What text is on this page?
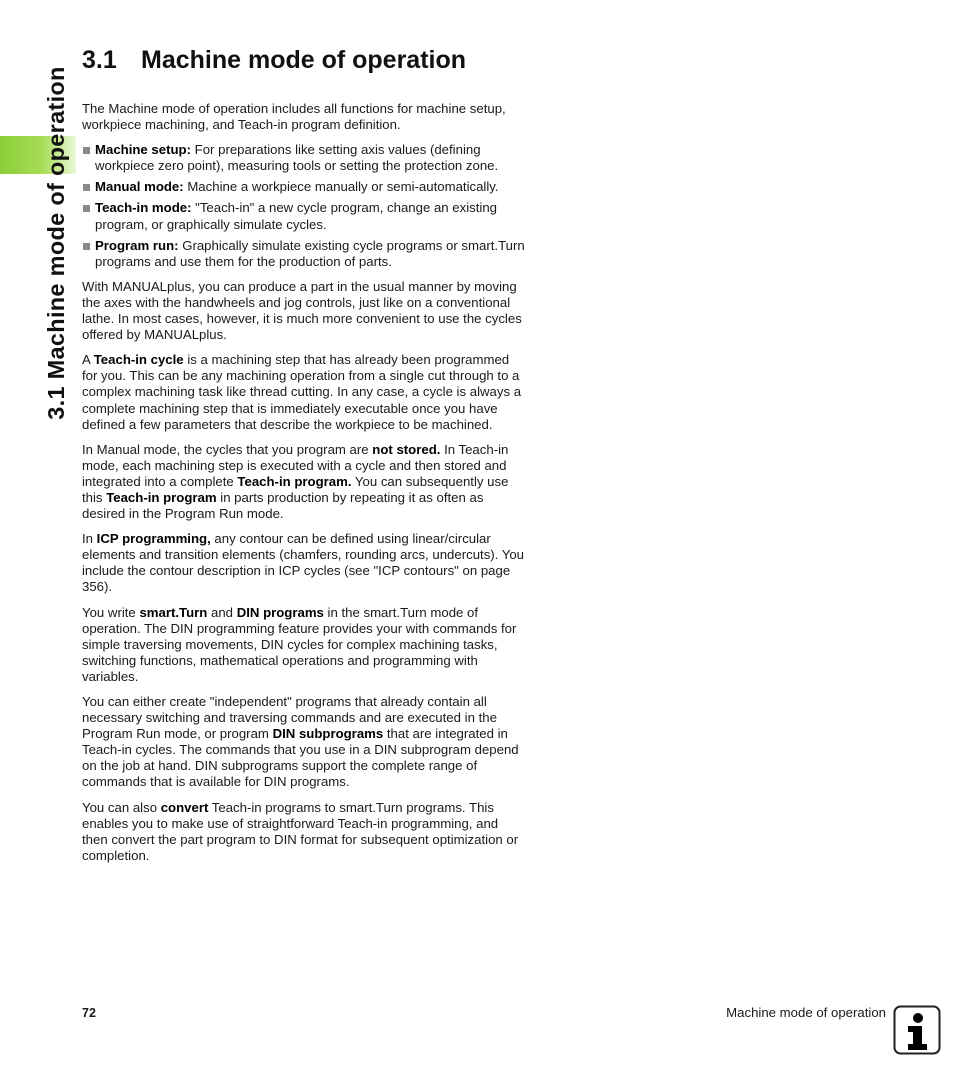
3.1 Machine mode of operation
3.1 Machine mode of operation

The Machine mode of operation includes all functions for machine setup, workpiece machining, and Teach-in program definition.

Machine setup: For preparations like setting axis values (defining workpiece zero point), measuring tools or setting the protection zone.
Manual mode: Machine a workpiece manually or semi-automatically.
Teach-in mode: "Teach-in" a new cycle program, change an existing program, or graphically simulate cycles.
Program run: Graphically simulate existing cycle programs or smart.Turn programs and use them for the production of parts.

With MANUALplus, you can produce a part in the usual manner by moving the axes with the handwheels and jog controls, just like on a conventional lathe. In most cases, however, it is much more convenient to use the cycles offered by MANUALplus.

A Teach-in cycle is a machining step that has already been programmed for you. This can be any machining operation from a single cut through to a complex machining task like thread cutting. In any case, a cycle is always a complete machining step that is immediately executable once you have defined a few parameters that describe the workpiece to be machined.

In Manual mode, the cycles that you program are not stored. In Teach-in mode, each machining step is executed with a cycle and then stored and integrated into a complete Teach-in program. You can subsequently use this Teach-in program in parts production by repeating it as often as desired in the Program Run mode.

In ICP programming, any contour can be defined using linear/circular elements and transition elements (chamfers, rounding arcs, undercuts). You include the contour description in ICP cycles (see "ICP contours" on page 356).

You write smart.Turn and DIN programs in the smart.Turn mode of operation. The DIN programming feature provides your with commands for simple traversing movements, DIN cycles for complex machining tasks, switching functions, mathematical operations and programming with variables.

You can either create "independent" programs that already contain all necessary switching and traversing commands and are executed in the Program Run mode, or program DIN subprograms that are integrated in Teach-in cycles. The commands that you use in a DIN subprogram depend on the job at hand. DIN subprograms support the complete range of commands that is available for DIN programs.

You can also convert Teach-in programs to smart.Turn programs. This enables you to make use of straightforward Teach-in programming, and then convert the part program to DIN format for subsequent optimization or completion.

72	Machine mode of operation
